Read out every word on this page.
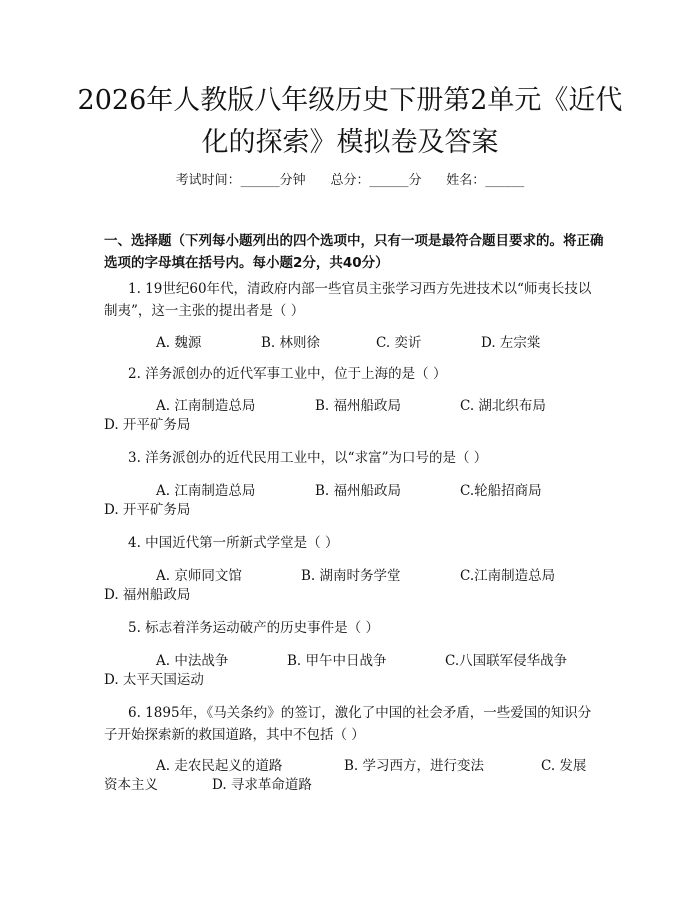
2026年人教版八年级历史下册第2单元《近代化的探索》模拟卷及答案
考试时间：______分钟 总分：______分 姓名：______

一、选择题（下列每小题列出的四个选项中，只有一项是最符合题目要求的。将正确选项的字母填在括号内。每小题2分，共40分）

1. 19世纪60年代，清政府内部一些官员主张学习西方先进技术以“师夷长技以制夷”，这一主张的提出者是（ ）

A. 魏源	B. 林则徐	C. 奕䜣	D. 左宗棠

2. 洋务派创办的近代军事工业中，位于上海的是（ ）

A. 江南制造总局	B. 福州船政局	C. 湖北织布局
D. 开平矿务局

3. 洋务派创办的近代民用工业中，以“求富”为口号的是（ ）

A. 江南制造总局	B. 福州船政局	C.轮船招商局
D. 开平矿务局

4. 中国近代第一所新式学堂是（ ）

A. 京师同文馆	B. 湖南时务学堂	C.江南制造总局
D. 福州船政局

5. 标志着洋务运动破产的历史事件是（ ）

A. 中法战争	B. 甲午中日战争	C.八国联军侵华战争
D. 太平天国运动

6. 1895年，《马关条约》的签订，激化了中国的社会矛盾，一些爱国的知识分子开始探索新的救国道路，其中不包括（ ）

A. 走农民起义的道路	B. 学习西方，进行变法	C. 发展
资本主义	D. 寻求革命道路
